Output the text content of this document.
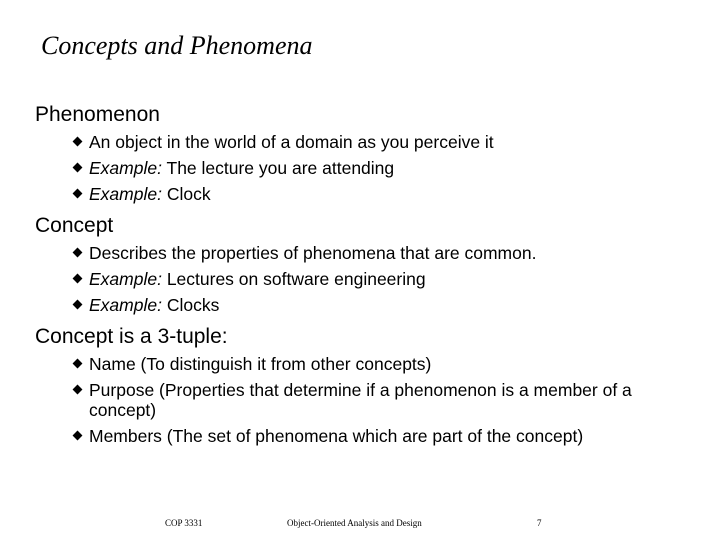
Concepts and Phenomena
Phenomenon
An object in the world of a domain as you perceive it
Example: The lecture you are attending
Example: Clock
Concept
Describes the properties of phenomena that are common.
Example: Lectures on software engineering
Example: Clocks
Concept is a 3-tuple:
Name (To distinguish it from other concepts)
Purpose (Properties that determine if a phenomenon is a member of a concept)
Members (The set of phenomena which are part of the concept)
COP 3331	Object-Oriented Analysis and Design	7
